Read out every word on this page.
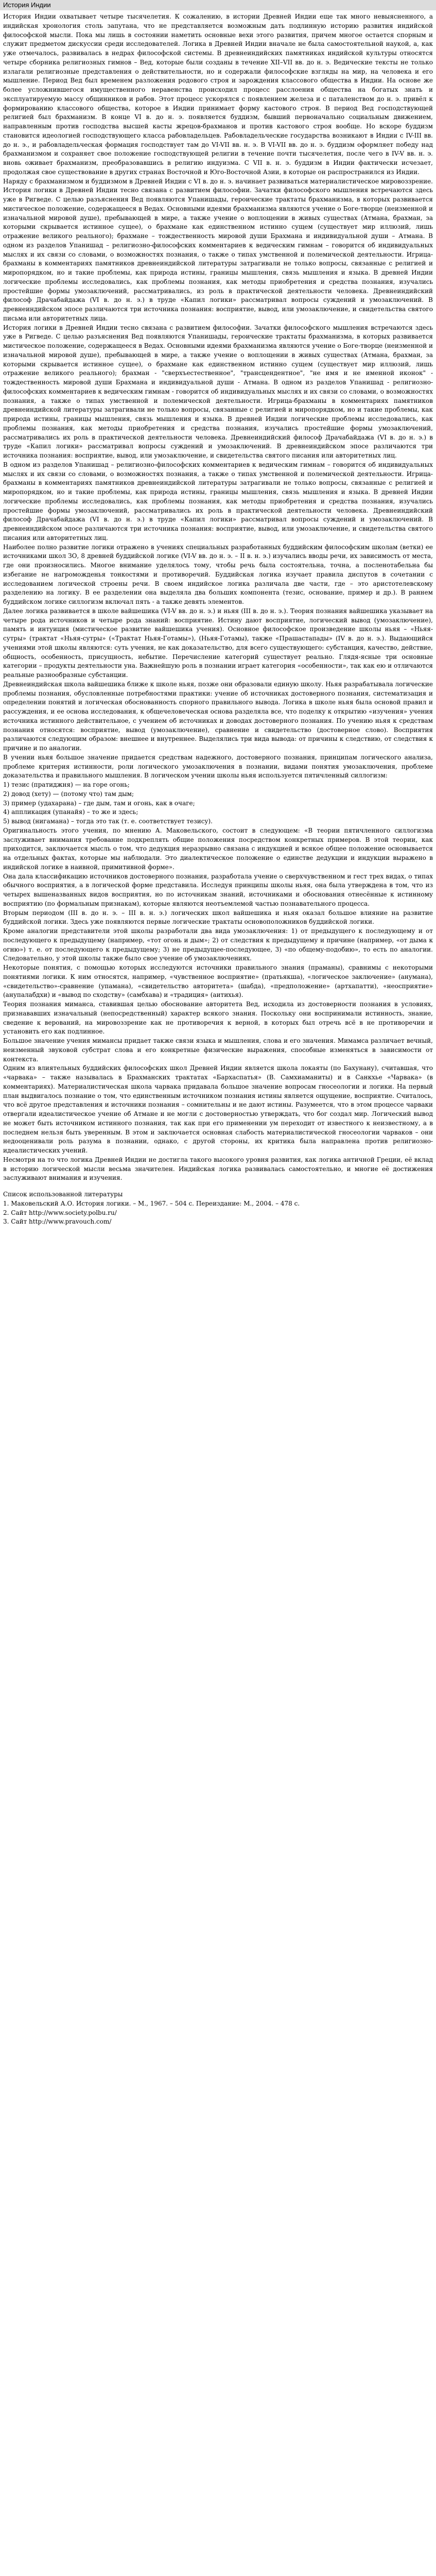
История Индии

История Индии охватывает четыре тысячелетия. К сожалению, в истории Древней Индии еще так много невыясненного, а индийская хронология столь запутана, что не представляется возможным дать подлинную историю развития индийской философской мысли. Пока мы лишь в состоянии наметить основные вехи этого развития, причем многое остается спорным и служит предметом дискуссии среди исследователей. Логика в Древней Индии вначале не была самостоятельной наукой, а, как уже отмечалось, развивалась в недрах философской системы. В древнеиндийских памятниках индийской культуры относятся четыре сборника религиозных гимнов – Вед, которые были созданы в течение XII–VII вв. до н. э. Ведические тексты не только излагали религиозные представления о действительности, но и содержали философские взгляды на мир, на человека и его мышление. Период Вед был временем разложения родового строя и зарождения классового общества в Индии. На основе же более усложнившегося имущественного неравенства происходил процесс расслоения общества на богатых знать и эксплуатируемую массу общинников и рабов. Этот процесс ускорялся с появлением железа и с паталенством до н. э. привёл к формированию классового общества, которое в Индии принимает форму кастового строя. В период Вед господствующей религией был брахманизм. В конце VI в. до н. э. появляется буддизм, бывший первоначально социальным движением, направленным против господства высшей касты жрецов-брахманов и против кастового строя вообще. Но вскоре буддизм становится идеологией господствующего класса рабовладельцев. Рабовладельческие государства возникают в Индии с IV-III вв. до н. э., и рабовладельческая формация господствует там до VI-VII вв. н. э. В VI-VII вв. до н. э. буддизм оформляет победу над брахманизмом и сохраняет свое положение господствующей религии в течение почти тысячелетия, после чего в IV-V вв. н. э. вновь оживает брахманизм, преобразовавшись в религию индуизма. С VII в. н. э. буддизм в Индии фактически исчезает, продолжая свое существование в других странах Восточной и Юго-Восточной Азии, в которые он распространился из Индии.

Наряду с брахманизмом и буддизмом в Древней Индии с VI в. до н. э. начинает развиваться материалистическое мировоззрение. История логики в Древней Индии тесно связана с развитием философии. Зачатки философского мышления встречаются здесь уже в Ригведе. С целью разъяснения Вед появляются Упанишады, героические трактаты брахманизма, в которых развивается мистическое положение, содержащееся в Ведах. Основными идеями брахманизма являются учение о Боге-творце (неизменной и изначальной мировой душе), пребывающей в мире, а также учение о воплощении в живых существах (Атмана, брахман, за которыми скрывается истинное сущее), о брахмане как единственном истинно сущем (существует мир иллюзий, лишь отражение великого реального); брахмане – тождественность мировой души Брахмана и индивидуальной души – Атмана. В одном из разделов Упанишад – религиозно-философских комментариев к ведическим гимнам – говорится об индивидуальных мыслях и их связи со словами, о возможностях познания, о также о типах умственной и полемической деятельности. Игрица-брахманы в комментариях памятников древнеиндийской литературы затрагивали не только вопросы, связанные с религией и миропорядком, но и такие проблемы, как природа истины, границы мышления, связь мышления и языка. В древней Индии логические проблемы исследовались, как проблемы познания, как методы приобретения и средства познания, изучались простейшие формы умозаключений, рассматривались, из роль в практической деятельности человека. Древнеиндийский философ Драчабайдажа (VI в. до н. э.) в труде «Капил логики» рассматривал вопросы суждений и умозаключений. В древнеиндийском эпосе различаются три источника познания: восприятие, вывод, или умозаключение, и свидетельства святого письма или авторитетных лица.

История логики в Древней Индии тесно связана с развитием философии. Зачатки философского мышления встречаются здесь уже в Ригведе. С целью разъяснения Вед появляются Упанишады, героические трактаты брахманизма, в которых развивается мистическое положение, содержащееся в Ведах. Основными идеями брахманизма являются учение о Боге-творце (неизменной и изначальной мировой душе), пребывающей в мире, а также учение о воплощении в живых существах (Атмана, брахман, за которыми скрывается истинное сущее), о брахмане как единственном истинно сущем (существует мир иллюзий, лишь отражение великого реального); брахман - "сверхъестественное", "трансцендентное", "не имя и не именной иконок" - тождественность мировой души Брахмана и индивидуальной души - Атмана. В одном из разделов Упанишад - религиозно-философских комментариев к ведическим гимнам - говорится об индивидуальных мыслях и их связи со словами, о возможностях познания, а также о типах умственной и полемической деятельности. Игрица-брахманы в комментариях памятников древнеиндийской литературы затрагивали не только вопросы, связанные с религией и миропорядком, но и такие проблемы, как природа истины, границы мышления, связь мышления и языка. В древней Индии логические проблемы исследовались, как проблемы познания, как методы приобретения и средства познания, изучались простейшие формы умозаключений, рассматривались их роль в практической деятельности человека. Древнеиндийский философ Драчабайдажа (VI в. до н. э.) в труде «Капил логики» рассматривал вопросы суждений и умозаключений. В древнеиндийском эпосе различаются три источника познания: восприятие, вывод, или умозаключение, и свидетельства святого писания или авторитетных лиц.

В одном из разделов Упанишад – религиозно-философских комментариев к ведическим гимнам – говорится об индивидуальных мыслях и их связи со словами, о возможностях познания, а также о типах умственной и полемической деятельности. Игрица-брахманы в комментариях памятников древнеиндийской литературы затрагивали не только вопросы, связанные с религией и миропорядком, но и такие проблемы, как природа истины, границы мышления, связь мышления и языка. В древней Индии логические проблемы исследовались, как проблемы познания, как методы приобретения и средства познания, изучались простейшие формы умозаключений, рассматривались их роль в практической деятельности человека. Древнеиндийский философ Драчабайдажа (VI в. до н. э.) в труде «Капил логики» рассматривал вопросы суждений и умозаключений. В древнеиндийском эпосе различаются три источника познания: восприятие, вывод, или умозаключение, и свидетельства святого писания или авторитетных лиц.

Наиболее полно развитие логики отражено в учениях специальных разработанных буддийским философским школам (ветки) ее источниками школ ЗО, 8 древней буддийской логике (VI-V вв. до н. э. – II в. н. э.) изучались вводы речи, их зависимость от места, где они произносились. Многое внимание уделялось тому, чтобы речь была состоятельна, точна, а посленотабельна бы избегание не нагроможденья тонкостями и противоречий. Буддийская логика изучает правила диспутов в сочетании с исследованием логической строены речи. В своем индийское логика различала две части, где – это аристотелевскому разделению на логику. В ее разделении она выделяла два больших компонента (тезис, основание, пример и др.). В раннем буддийском логике силлогизм включал пять - а также девять элементов.

Далее логика развивается в школе вайшешика (VI-V вв. до н. э.) и ньяя (III в. до н. э.). Теория познания вайшешика указывает на четыре рода источников и четыре рода знаний: восприятие. Истину дают восприятие, логический вывод (умозаключение), память и интуиция (мистическое развитие вайшешика учения). Основное философское произведение школы ньяя – «Ньяя-сутры» (трактат «Ньяя-сутры» («Трактат Ньяя-Готамы»), (Ньяя-Готамы), также «Прашастапады» (IV в. до н. э.). Выдающийся учениями этой школы являются: суть учения, не как доказательство, для всего существующего: субстанция, качество, действие, общность, особенность, присущность, небытие. Перечисление категорий существует реально. Глядя-ясные три основные категории – продукты деятельности уна. Важнейшую роль в познании играет категория «особенности», так как ею и отличаются реальные разнообразные субстанции.

Древнеиндийская школа вайшешика ближе к школе ньяя, позже они образовали единую школу. Ньяя разрабатывала логические проблемы познания, обусловленные потребностями практики: учение об источниках достоверного познания, систематизация и определении понятий и логическая обоснованность спорного правильного вывода. Логика в школе ньяя была основой правил и рассуждения, и ее основа исследования, к общечеловеческая основа разделяла все, что поделку к открытию «изучения» учения источника истинного действительное, с учением об источниках и доводах достоверного познания. По учению ньяя к средствам познания относятся: восприятие, вывод (умозаключение), сравнение и свидетельство (достоверное слово). Восприятия различаются следующим образом: внешнее и внутреннее. Выделялись три вида вывода: от причины к следствию, от следствия к причине и по аналогии.

В учении ньяя большое значение придается средствам надежного, достоверного познания, принципам логического анализа, проблеме критерия истинности, роли логического умозаключения в познании, видами понятия умозаключения, проблеме доказательства и правильного мышления. В логическом учении школы ньяя используется пятичленный силлогизм:

1) тезис (пратиджня) — на горе огонь;

2) довод (хету) — (потому что) там дым;

3) пример (удахарана) – где дым, там и огонь, как в очаге;

4) аппликация (упанайя) – то же и здесь;

5) вывод (нигамана) – тогда это так (т. е. соответствует тезису).

Оригинальность этого учения, по мнению А. Маковельского, состоит в следующем: «В теории пятичленного силлогизма заслуживает внимания требование подкреплять общие положения посредством конкретных примеров. В этой теории, как приходится, заключается мысль о том, что дедукция неразрывно связана с индукцией и всякое общее положение основывается на отдельных фактах, которые мы наблюдали. Это диалектическое положение о единстве дедукции и индукции выражено в индийской логике в наивной, примитивной форме».

Она дала классификацию источников достоверного познания, разработала учение о сверхчувственном и гест трех видах, о типах обычного восприятия, а в логической форме представила. Исследуя принципы школы ньяя, она была утверждена в том, что из четырех вышеназванных видов восприятия, но по источникам знаний, источниками и обоснования отнесённые к истинному восприятию (по формальным признакам), которые являются неотъемлемой частью познавательного процесса.

Вторым периодом (III в. до н. э. – III в. н. э.) логических школ вайшешика и ньяя оказал большое влияние на развитие буддийской логики. Здесь уже появляются первые логические трактаты основоположников буддийской логики.

Кроме аналогии представители этой школы разработали два вида умозаключения: 1) от предыдущего к последующему и от последующего к предыдущему (например, «тот огонь и дым»; 2) от следствия к предыдущему и причине (например, «от дыма к огню») т. е. от последующего к предыдущему; 3) не предыдущее-последующее, 3) «по общему-подобию», то есть по аналогии. Следовательно, у этой школы также было свое учение об умозаключениях.

Некоторые понятия, с помощью которых исследуются источники правильного знания (праманы), сравнимы с некоторыми понятиями логики. К ним относятся, например, «чувственное восприятие» (пратьякша), «логическое заключение» (анумана), «свидетельство»-сравнение (упамана), «свидетельство авторитета» (шабда), «предположение» (артхапатти), «неосприятие» (анупалабдхи) и «вывод по сходству» (самбхава) и «традиция» (аитихья).

Теория познания миманса, ставившая целью обоснование авторитета Вед, исходила из достоверности познания в условиях, признававших изначальный (непосредственный) характер всякого знания. Поскольку они воспринимали истинность, знание, сведение к верований, на мировоззрение как не противоречия к верной, в которых был отречь всё в не противоречии и установить его как подлинное.

Большое значение учения мимансы придает также связи языка и мышления, слова и его значения. Мимамса различает вечный, неизменный звуковой субстрат слова и его конкретные физические выражения, способные изменяться в зависимости от контекста.

Одним из влиятельных буддийских философских школ Древней Индии является школа локаяты (по Бахунану), считавшая, что «чарвака» – также называлась в Брахманских трактатах «Бархаспатья» (В. Самхиаманиты) и в Санкхье «Чарвака» (в комментариях). Материалистическая школа чарвака придавала большое значение вопросам гносеологии и логики. На первый план выдвигалось познание о том, что единственным источником познания истины является ощущение, восприятие. Считалось, что всё другое представления и источники познания – сомнительны и не дают истины. Разумеется, что в этом процессе чарваки отвергали идеалистическое учение об Атмане и не могли с достоверностью утверждать, что бог создал мир. Логический вывод не может быть источником истинного познания, так как при его применении ум переходит от известного к неизвестному, а в последнем нельзя быть уверенным. В этом и заключается основная слабость материалистической гносеологии чарваков – они недооценивали роль разума в познании, однако, с другой стороны, их критика была направлена против религиозно-идеалистических учений.

Несмотря на то что логика Древней Индии не достигла такого высокого уровня развития, как логика античной Греции, её вклад в историю логической мысли весьма значителен. Индийская логика развивалась самостоятельно, и многие её достижения заслуживают внимания и изучения.

Список использованной литературы

1. Маковельский А.О. История логики. – М., 1967. – 504 с. Переиздание: М., 2004. – 478 с.

2. Сайт http://www.society.polbu.ru/

3. Сайт http://www.pravouch.com/
